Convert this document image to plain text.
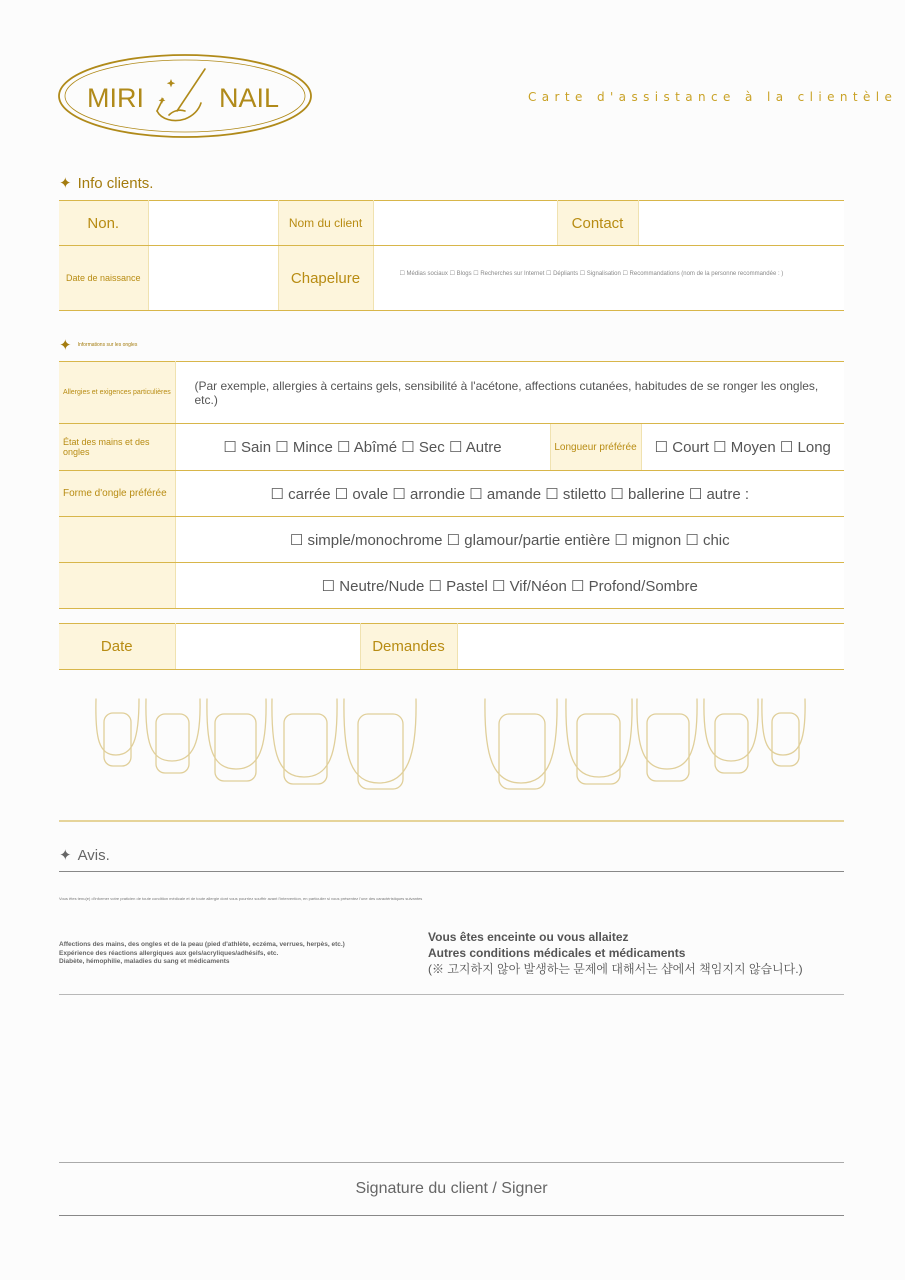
MIRI	NAIL	Carte d'assistance à la clientèle
✦ Info clients.
Non.		Nom du client		Contact	
Date de naissance		Chapelure	☐ Médias sociaux ☐ Blogs ☐ Recherches sur Internet ☐ Dépliants ☐ Signalisation ☐ Recommandations (nom de la personne recommandée : )		
✦ Informations sur les ongles
Allergies et exigences particulières	(Par exemple, allergies à certains gels, sensibilité à l'acétone, affections cutanées, habitudes de se ronger les ongles, etc.)		
État des mains et des ongles	☐ Sain ☐ Mince ☐ Abîmé ☐ Sec ☐ Autre	Longueur préférée	☐ Court ☐ Moyen ☐ Long
Forme d'ongle préférée	☐ carrée ☐ ovale ☐ arrondie ☐ amande ☐ stiletto ☐ ballerine ☐ autre :		
	☐ simple/monochrome ☐ glamour/partie entière ☐ mignon ☐ chic		
	☐ Neutre/Nude ☐ Pastel ☐ Vif/Néon ☐ Profond/Sombre		
Date		Demandes	
✦ Avis.
Vous êtes tenu(e) d'informer votre praticien de toute condition médicale et de toute allergie dont vous pourriez souffrir avant l'intervention, en particulier si vous présentez l'une des caractéristiques suivantes
Affections des mains, des ongles et de la peau (pied d'athlète, eczéma, verrues, herpès, etc.)
Expérience des réactions allergiques aux gels/acryliques/adhésifs, etc.
Diabète, hémophilie, maladies du sang et médicaments
Vous êtes enceinte ou vous allaitez
Autres conditions médicales et médicaments
(※ 고지하지 않아 발생하는 문제에 대해서는 샵에서 책임지지 않습니다.)
Signature du client / Signer
